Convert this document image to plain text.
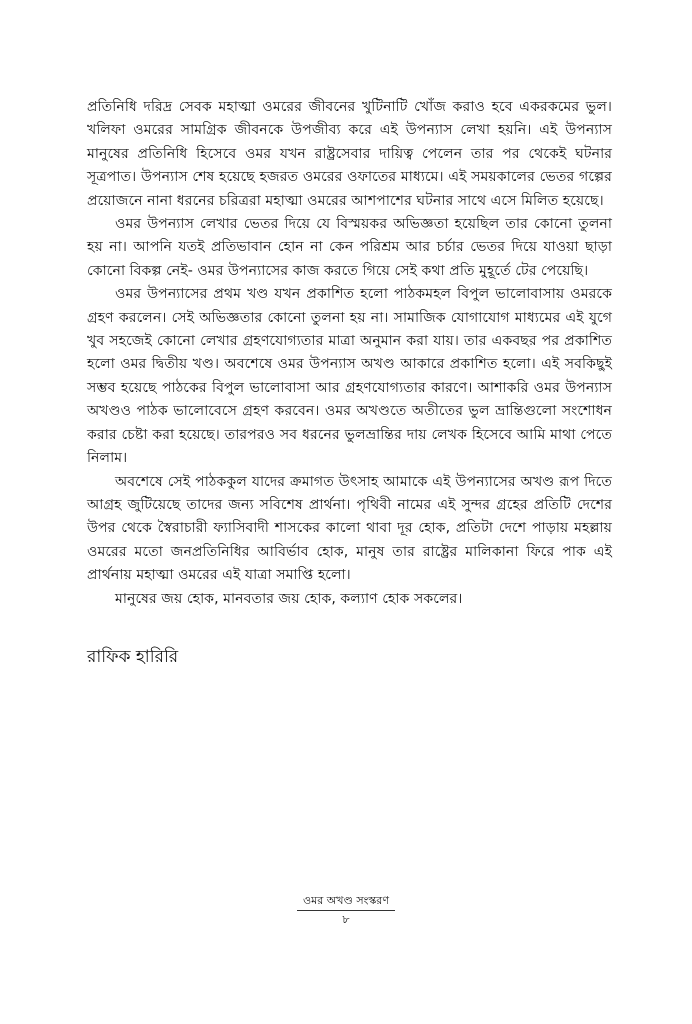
প্রতিনিধি দরিদ্র সেবক মহাত্মা ওমরের জীবনের খুটিনাটি খোঁজ করাও হবে একরকমের ভুল। খলিফা ওমরের সামগ্রিক জীবনকে উপজীব্য করে এই উপন্যাস লেখা হয়নি। এই উপন্যাস মানুষের প্রতিনিধি হিসেবে ওমর যখন রাষ্ট্রসেবার দায়িত্ব পেলেন তার পর থেকেই ঘটনার সূত্রপাত। উপন্যাস শেষ হয়েছে হজরত ওমরের ওফাতের মাধ্যমে। এই সময়কালের ভেতর গল্পের প্রয়োজনে নানা ধরনের চরিত্ররা মহাত্মা ওমরের আশপাশের ঘটনার সাথে এসে মিলিত হয়েছে।

ওমর উপন্যাস লেখার ভেতর দিয়ে যে বিস্ময়কর অভিজ্ঞতা হয়েছিল তার কোনো তুলনা হয় না। আপনি যতই প্রতিভাবান হোন না কেন পরিশ্রম আর চর্চার ভেতর দিয়ে যাওয়া ছাড়া কোনো বিকল্প নেই- ওমর উপন্যাসের কাজ করতে গিয়ে সেই কথা প্রতি মুহূর্তে টের পেয়েছি।

ওমর উপন্যাসের প্রথম খণ্ড যখন প্রকাশিত হলো পাঠকমহল বিপুল ভালোবাসায় ওমরকে গ্রহণ করলেন। সেই অভিজ্ঞতার কোনো তুলনা হয় না। সামাজিক যোগাযোগ মাধ্যমের এই যুগে খুব সহজেই কোনো লেখার গ্রহণযোগ্যতার মাত্রা অনুমান করা যায়। তার একবছর পর প্রকাশিত হলো ওমর দ্বিতীয় খণ্ড। অবশেষে ওমর উপন্যাস অখণ্ড আকারে প্রকাশিত হলো। এই সবকিছুই সম্ভব হয়েছে পাঠকের বিপুল ভালোবাসা আর গ্রহণযোগ্যতার কারণে। আশাকরি ওমর উপন্যাস অখণ্ডও পাঠক ভালোবেসে গ্রহণ করবেন। ওমর অখণ্ডতে অতীতের ভুল ভ্রান্তিগুলো সংশোধন করার চেষ্টা করা হয়েছে। তারপরও সব ধরনের ভুলভ্রান্তির দায় লেখক হিসেবে আমি মাথা পেতে নিলাম।

অবশেষে সেই পাঠককুল যাদের ক্রমাগত উৎসাহ আমাকে এই উপন্যাসের অখণ্ড রূপ দিতে আগ্রহ জুটিয়েছে তাদের জন্য সবিশেষ প্রার্থনা। পৃথিবী নামের এই সুন্দর গ্রহের প্রতিটি দেশের উপর থেকে স্বৈরাচারী ফ্যাসিবাদী শাসকের কালো থাবা দূর হোক, প্রতিটা দেশে পাড়ায় মহল্লায় ওমরের মতো জনপ্রতিনিধির আবির্ভাব হোক, মানুষ তার রাষ্ট্রের মালিকানা ফিরে পাক এই প্রার্থনায় মহাত্মা ওমরের এই যাত্রা সমাপ্তি হলো।

মানুষের জয় হোক, মানবতার জয় হোক, কল্যাণ হোক সকলের।

রাফিক হারিরি

ওমর অখণ্ড সংস্করণ
৮
